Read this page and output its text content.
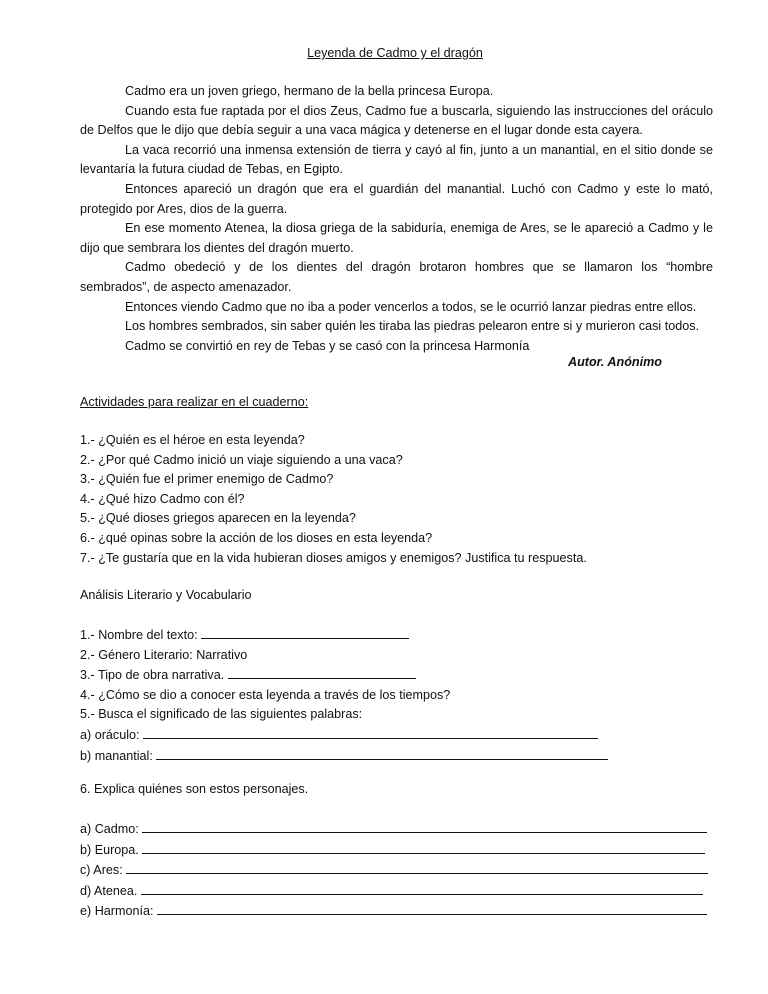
Leyenda de Cadmo y el dragón

Cadmo era un joven griego, hermano de la bella princesa Europa.

Cuando esta fue raptada por el dios Zeus, Cadmo fue a buscarla, siguiendo las instrucciones del oráculo de Delfos que le dijo que debía seguir a una vaca mágica y detenerse en el lugar donde esta cayera.

La vaca recorrió una inmensa extensión de tierra y cayó al fin, junto a un manantial, en el sitio donde se levantaría la futura ciudad de Tebas, en Egipto.

Entonces apareció un dragón que era el guardián del manantial. Luchó con Cadmo y este lo mató, protegido por Ares, dios de la guerra.

En ese momento Atenea, la diosa griega de la sabiduría, enemiga de Ares, se le apareció a Cadmo y le dijo que sembrara los dientes del dragón muerto.

Cadmo obedeció y de los dientes del dragón brotaron hombres que se llamaron los “hombre sembrados”, de aspecto amenazador.

Entonces viendo Cadmo que no iba a poder vencerlos a todos, se le ocurrió lanzar piedras entre ellos.

Los hombres sembrados, sin saber quién les tiraba las piedras pelearon entre si y murieron casi todos.

Cadmo se convirtió en rey de Tebas y se casó con la princesa Harmonía

Autor. Anónimo
Actividades para realizar en el cuaderno:
1.- ¿Quién es el héroe en esta leyenda?
2.- ¿Por qué Cadmo inició un viaje siguiendo a una vaca?
3.- ¿Quién fue el primer enemigo de Cadmo?
4.- ¿Qué hizo Cadmo con él?
5.- ¿Qué dioses griegos aparecen en la leyenda?
6.- ¿qué opinas sobre la acción de los dioses en esta leyenda?
7.- ¿Te gustaría que en la vida hubieran dioses amigos y enemigos? Justifica tu respuesta.
Análisis Literario y Vocabulario
1.- Nombre del texto:
2.- Género Literario: Narrativo
3.- Tipo de obra narrativa.
4.- ¿Cómo se dio a conocer esta leyenda a través de los tiempos?
5.- Busca el significado de las siguientes palabras:
a) oráculo:
b) manantial:
6. Explica quiénes son estos personajes.
a) Cadmo:
b) Europa.
c) Ares:
d) Atenea.
e) Harmonía:
